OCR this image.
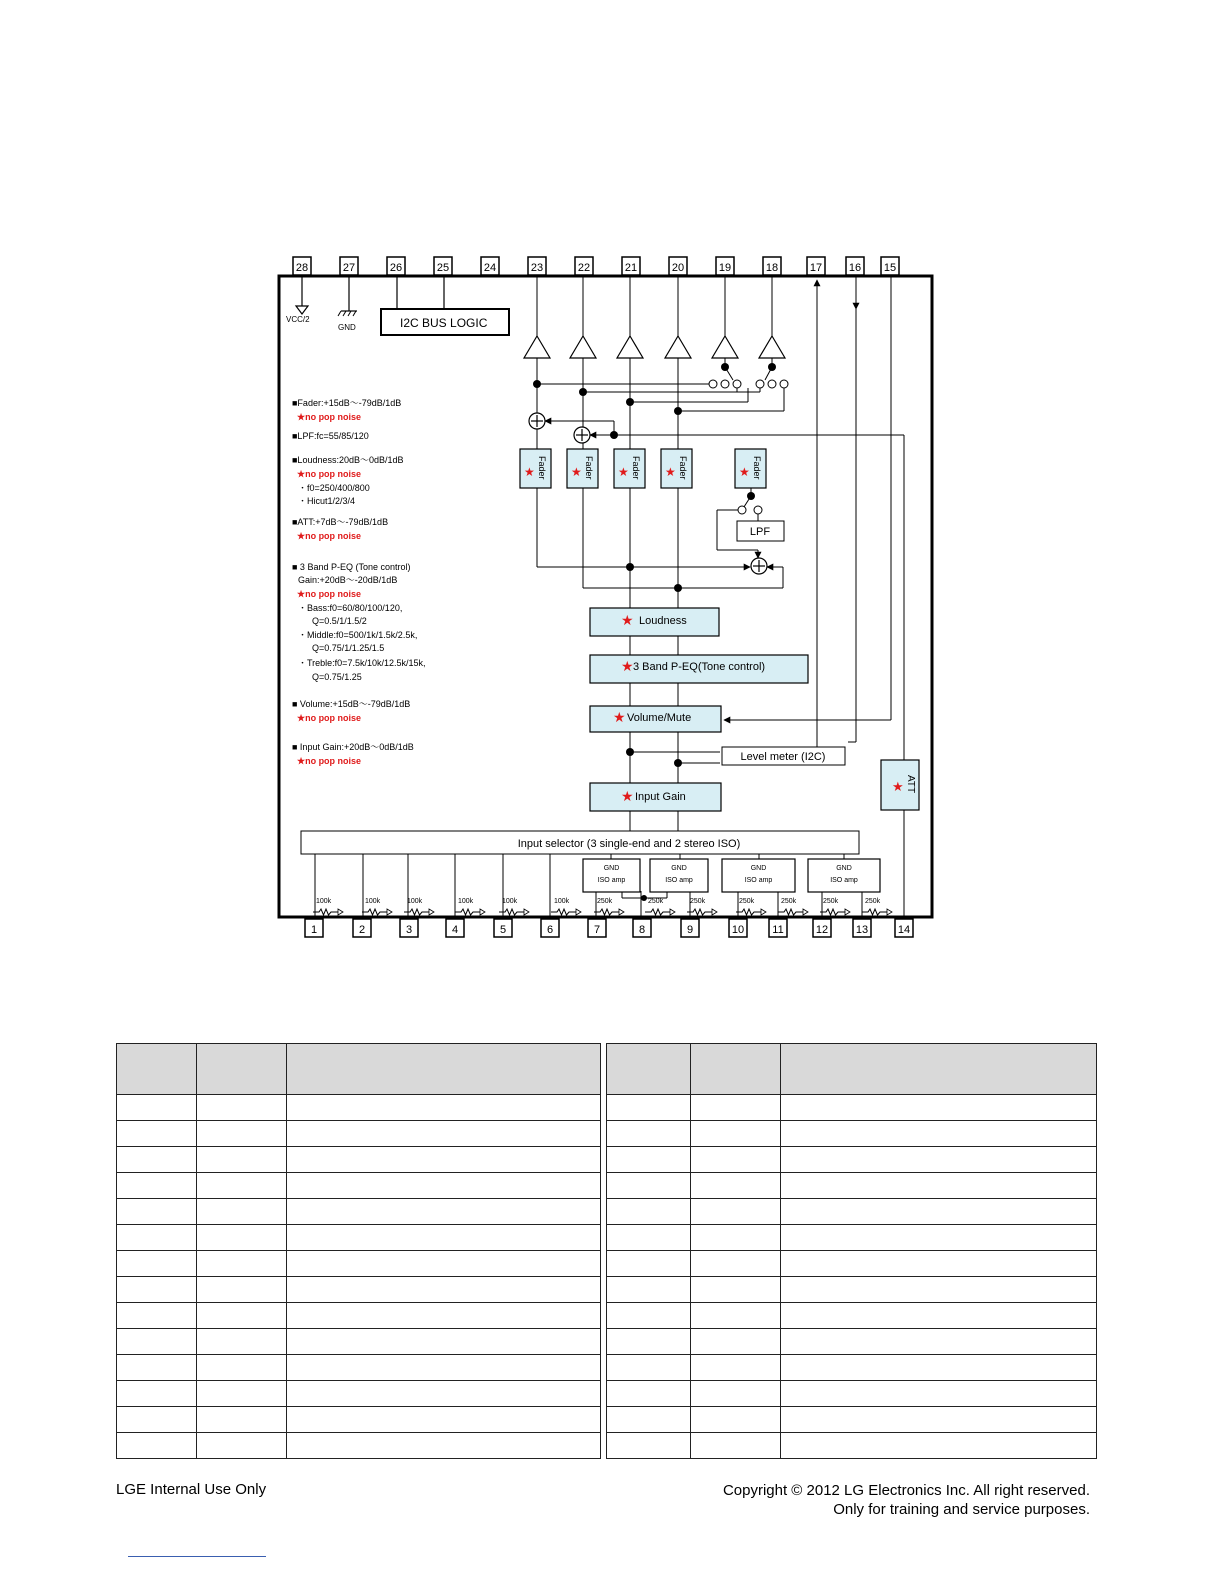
28	27	26	25	24	23	22	21	20	19	18	17 16 15
1	2	3	4	5	6	7	8	9	10	11	12	13	14
VCC/2
GND	I2C BUS LOGIC
★ Fader ★ Fader ★ Fader ★ Fader	★ Fader
LPF
★ Loudness
★ 3 Band P-EQ(Tone control)
★ Volume/Mute
Level meter (I2C)
★ Input Gain
★ ATT
Input selector (3 single-end and 2 stereo ISO)
GND
ISO amp
GND
ISO amp
GND
ISO amp
GND
ISO amp
100k	100k	100k	100k	100k	100k	250k	250k	250k	250k	250k	250k	250k
■Fader:+15dB～-79dB/1dB
★no pop noise
■LPF:fc=55/85/120
■Loudness:20dB～0dB/1dB
★no pop noise
・f0=250/400/800
・Hicut1/2/3/4
■ATT:+7dB～-79dB/1dB
★no pop noise
■ 3 Band P-EQ (Tone control)
Gain:+20dB～-20dB/1dB
★no pop noise
・Bass:f0=60/80/100/120,
Q=0.5/1/1.5/2
・Middle:f0=500/1k/1.5k/2.5k,
Q=0.75/1/1.25/1.5
・Treble:f0=7.5k/10k/12.5k/15k,
Q=0.75/1.25
■ Volume:+15dB～-79dB/1dB
★no pop noise
■ Input Gain:+20dB～0dB/1dB
★no pop noise

LGE Internal Use Only	Copyright © 2012 LG Electronics Inc. All right reserved.
Only for training and service purposes.
